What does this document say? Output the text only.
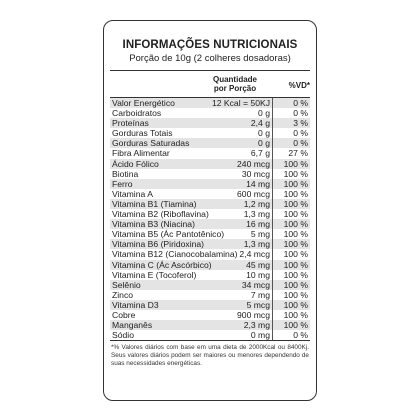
INFORMAÇÕES NUTRICIONAIS
Porção de 10g (2 colheres dosadoras)
Quantidade
por Porção	%VD*
Valor Energético	12 Kcal = 50KJ	0 %
Carboidratos	0 g	0 %
Proteínas	2,4 g	3 %
Gorduras Totais	0 g	0 %
Gorduras Saturadas	0 g	0 %
Fibra Alimentar	6,7 g 27 %
Ácido Fólico	240 mcg 100 %
Biotina	30 mcg 100 %
Ferro	14 mg 100 %
Vitamina A	600 mcg 100 %
Vitamina B1 (Tiamina)	1,2 mg 100 %
Vitamina B2 (Riboflavina)	1,3 mg 100 %
Vitamina B3 (Niacina)	16 mg 100 %
Vitamina B5 (Ác Pantotênico)	5 mg 100 %
Vitamina B6 (Piridoxina)	1,3 mg 100 %
Vitamina B12 (Cianocobalamina) 2,4 mcg 100 %
Vitamina C (Ác Ascórbico)	45 mg 100 %
Vitamina E (Tocoferol)	10 mg 100 %
Selênio	34 mcg 100 %
Zinco	7 mg 100 %
Vitamina D3	5 mcg 100 %
Cobre	900 mcg 100 %
Manganês	2,3 mg 100 %
Sódio	0 mg	0 %
*% Valores diários com base em uma dieta de 2000Kcal ou 8400Kj. Seus valores diários podem ser maiores ou menores dependendo de suas necessidades energéticas.
